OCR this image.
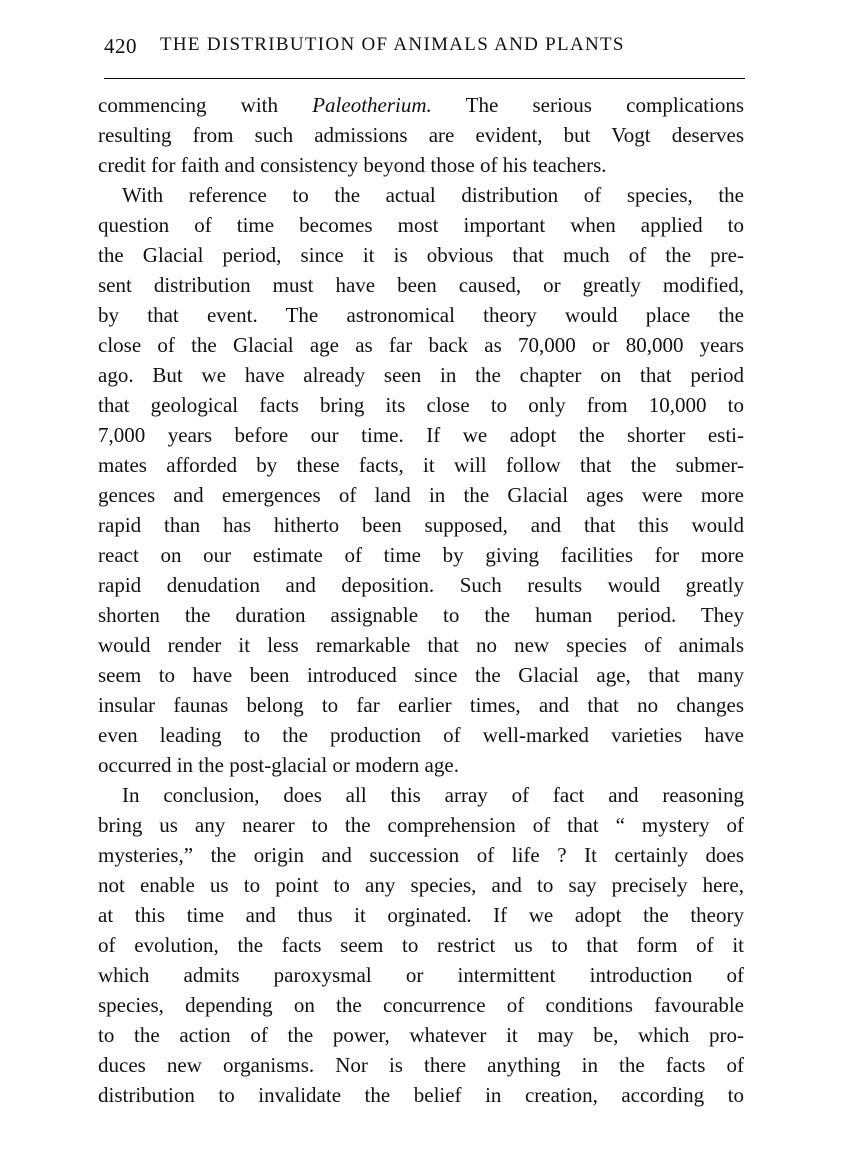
420 THE DISTRIBUTION OF ANIMALS AND PLANTS
commencing with Paleotherium. The serious complications
resulting from such admissions are evident, but Vogt deserves
credit for faith and consistency beyond those of his teachers.
With reference to the actual distribution of species, the
question of time becomes most important when applied to
the Glacial period, since it is obvious that much of the pre-
sent distribution must have been caused, or greatly modified,
by that event. The astronomical theory would place the
close of the Glacial age as far back as 70,000 or 80,000 years
ago. But we have already seen in the chapter on that period
that geological facts bring its close to only from 10,000 to
7,000 years before our time. If we adopt the shorter esti-
mates afforded by these facts, it will follow that the submer-
gences and emergences of land in the Glacial ages were more
rapid than has hitherto been supposed, and that this would
react on our estimate of time by giving facilities for more
rapid denudation and deposition. Such results would greatly
shorten the duration assignable to the human period. They
would render it less remarkable that no new species of animals
seem to have been introduced since the Glacial age, that many
insular faunas belong to far earlier times, and that no changes
even leading to the production of well-marked varieties have
occurred in the post-glacial or modern age.
In conclusion, does all this array of fact and reasoning
bring us any nearer to the comprehension of that “ mystery of
mysteries,” the origin and succession of life ? It certainly does
not enable us to point to any species, and to say precisely here,
at this time and thus it orginated. If we adopt the theory
of evolution, the facts seem to restrict us to that form of it
which admits paroxysmal or intermittent introduction of
species, depending on the concurrence of conditions favourable
to the action of the power, whatever it may be, which pro-
duces new organisms. Nor is there anything in the facts of
distribution to invalidate the belief in creation, according to
